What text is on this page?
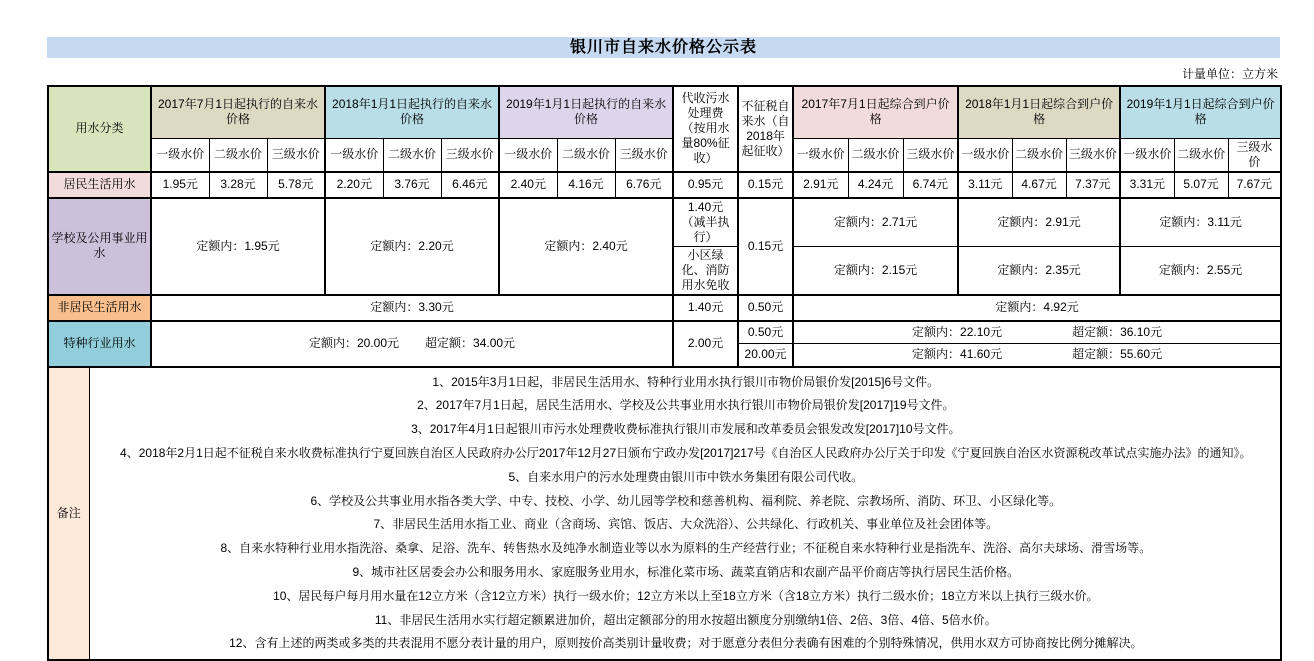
银川市自来水价格公示表
计量单位：立方米
用水分类		2017年7月1日起执行的自来水价格			2018年1月1日起执行的自来水价格			2019年1月1日起执行的自来水价格			代收污水处理费（按用水量80%征收）	不征税自来水（自2018年起征收）	2017年7月1日起综合到户价格			2018年1月1日起综合到户价格			2019年1月1日起综合到户价格		
		一级水价	二级水价	三级水价	一级水价	二级水价	三级水价	一级水价	二级水价	三级水价			一级水价	二级水价	三级水价	一级水价	二级水价	三级水价	一级水价	二级水价	三级水价
居民生活用水		1.95元	3.28元	5.78元	2.20元	3.76元	6.46元	2.40元	4.16元	6.76元	0.95元	0.15元	2.91元	4.24元	6.74元	3.11元	4.67元	7.37元	3.31元	5.07元	7.67元
学校及公用事业用水		定额内：1.95元			定额内：2.20元			定额内：2.40元			1.40元（减半执行）	0.15元	定额内：2.71元			定额内：2.91元			定额内：3.11元		
											小区绿化、消防用水免收		定额内：2.15元			定额内：2.35元			定额内：2.55元		
非居民生活用水		定额内：3.30元									1.40元	0.50元	定额内：4.92元								
特种行业用水		定额内：20.00元 超定额：34.00元									2.00元	0.50元	定额内：22.10元 超定额：36.10元								

												20.00元	定额内：41.60元 超定额：55.60元								

备注	
1、2015年3月1日起，非居民生活用水、特种行业用水执行银川市物价局银价发[2015]6号文件。
2、2017年7月1日起，居民生活用水、学校及公共事业用水执行银川市物价局银价发[2017]19号文件。
3、2017年4月1日起银川市污水处理费收费标准执行银川市发展和改革委员会银发改发[2017]10号文件。
4、2018年2月1日起不征税自来水收费标准执行宁夏回族自治区人民政府办公厅2017年12月27日颁布宁政办发[2017]217号《自治区人民政府办公厅关于印发《宁夏回族自治区水资源税改革试点实施办法》的通知》。
5、自来水用户的污水处理费由银川市中铁水务集团有限公司代收。
6、学校及公共事业用水指各类大学、中专、技校、小学、幼儿园等学校和慈善机构、福利院、养老院、宗教场所、消防、环卫、小区绿化等。
7、非居民生活用水指工业、商业（含商场、宾馆、饭店、大众洗浴）、公共绿化、行政机关、事业单位及社会团体等。
8、自来水特种行业用水指洗浴、桑拿、足浴、洗车、转售热水及纯净水制造业等以水为原料的生产经营行业；不征税自来水特种行业是指洗车、洗浴、高尔夫球场、滑雪场等。
9、城市社区居委会办公和服务用水、家庭服务业用水，标准化菜市场、蔬菜直销店和农副产品平价商店等执行居民生活价格。
10、居民每户每月用水量在12立方米（含12立方米）执行一级水价；12立方米以上至18立方米（含18立方米）执行二级水价；18立方米以上执行三级水价。
11、非居民生活用水实行超定额累进加价，超出定额部分的用水按超出额度分别缴纳1倍、2倍、3倍、4倍、5倍水价。
12、含有上述的两类或多类的共表混用不愿分表计量的用户，原则按价高类别计量收费；对于愿意分表但分表确有困难的个别特殊情况，供用水双方可协商按比例分摊解决。
